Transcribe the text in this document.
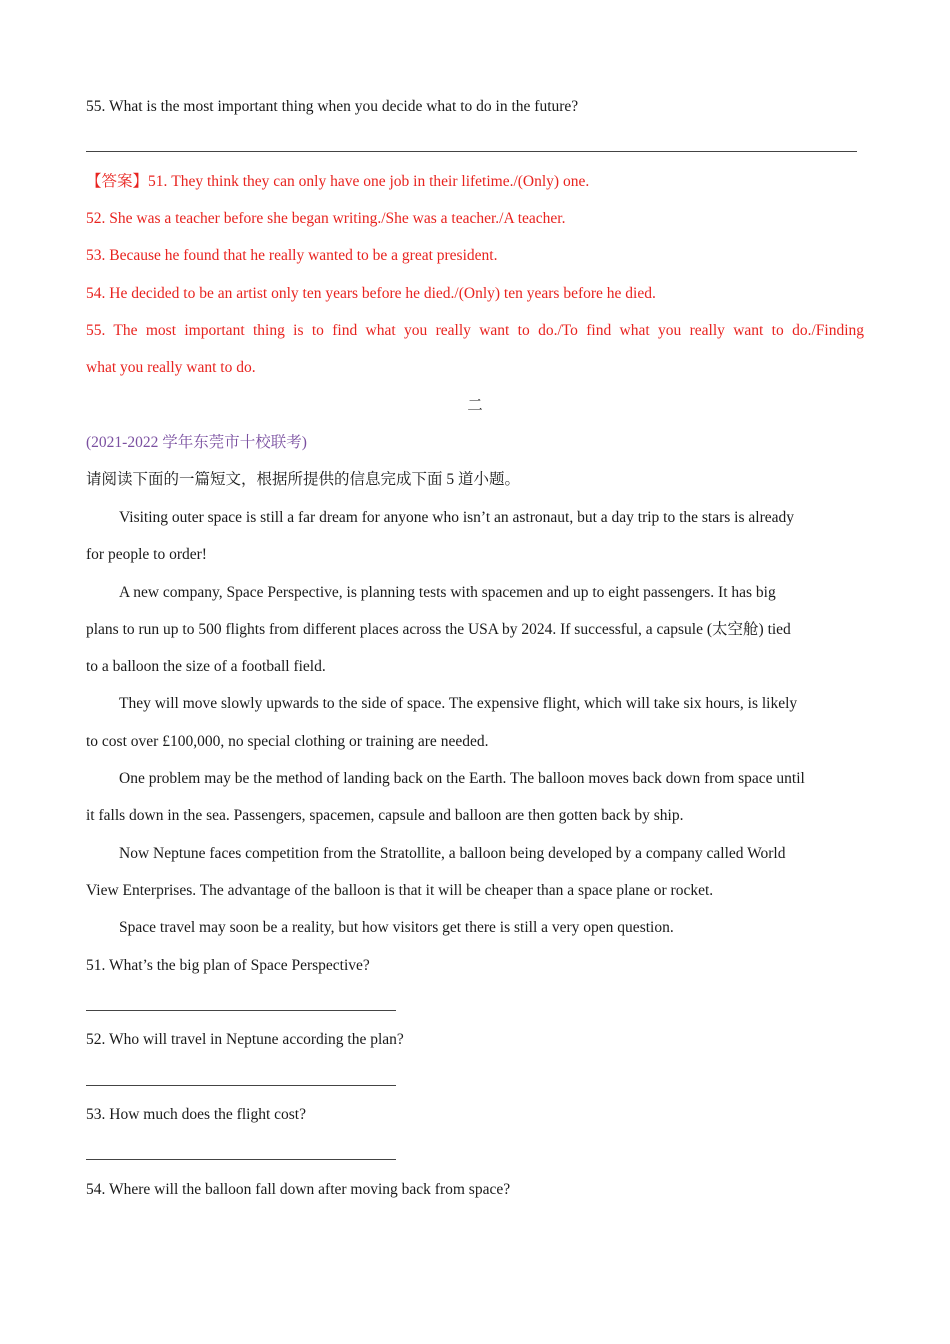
55. What is the most important thing when you decide what to do in the future?
【答案】51. They think they can only have one job in their lifetime./(Only) one.
52. She was a teacher before she began writing./She was a teacher./A teacher.
53. Because he found that he really wanted to be a great president.
54. He decided to be an artist only ten years before he died./(Only) ten years before he died.
55. The most important thing is to find what you really want to do./To find what you really want to do./Finding
what you really want to do.
二
(2021-2022 学年东莞市十校联考)
请阅读下面的一篇短文，根据所提供的信息完成下面 5 道小题。
Visiting outer space is still a far dream for anyone who isn’t an astronaut, but a day trip to the stars is already
for people to order!
A new company, Space Perspective, is planning tests with spacemen and up to eight passengers. It has big
plans to run up to 500 flights from different places across the USA by 2024. If successful, a capsule (太空舱) tied
to a balloon the size of a football field.
They will move slowly upwards to the side of space. The expensive flight, which will take six hours, is likely
to cost over £100,000, no special clothing or training are needed.
One problem may be the method of landing back on the Earth. The balloon moves back down from space until
it falls down in the sea. Passengers, spacemen, capsule and balloon are then gotten back by ship.
Now Neptune faces competition from the Stratollite, a balloon being developed by a company called World
View Enterprises. The advantage of the balloon is that it will be cheaper than a space plane or rocket.
Space travel may soon be a reality, but how visitors get there is still a very open question.
51. What’s the big plan of Space Perspective?
52. Who will travel in Neptune according the plan?
53. How much does the flight cost?
54. Where will the balloon fall down after moving back from space?
